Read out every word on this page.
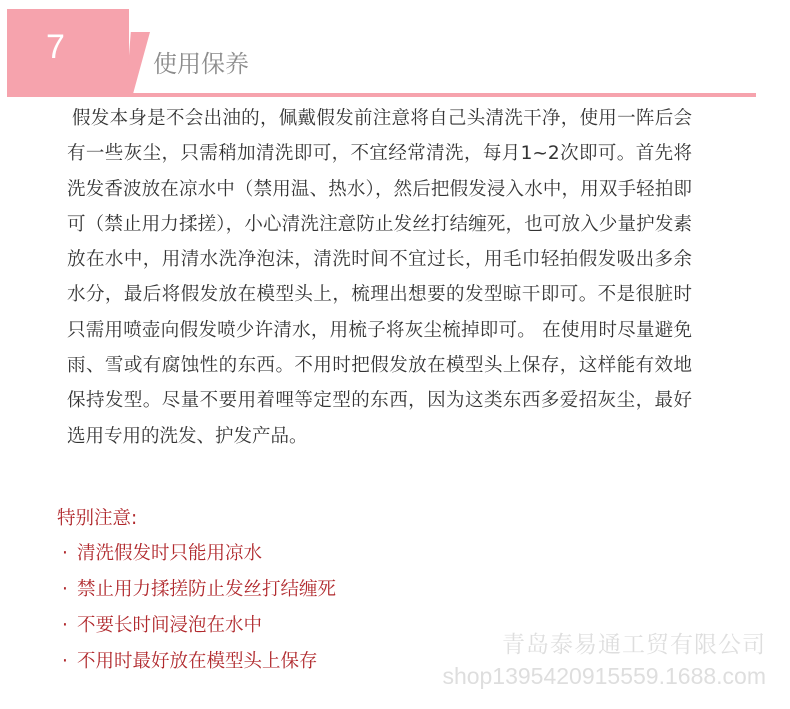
7	使用保养

假发本身是不会出油的，佩戴假发前注意将自己头清洗干净，使用一阵后会有一些灰尘，只需稍加清洗即可，不宜经常清洗，每月1~2次即可。首先将洗发香波放在凉水中（禁用温、热水），然后把假发浸入水中，用双手轻拍即可（禁止用力揉搓），小心清洗注意防止发丝打结缠死，也可放入少量护发素放在水中，用清水洗净泡沫，清洗时间不宜过长，用毛巾轻拍假发吸出多余水分，最后将假发放在模型头上，梳理出想要的发型晾干即可。不是很脏时只需用喷壶向假发喷少许清水，用梳子将灰尘梳掉即可。 在使用时尽量避免雨、雪或有腐蚀性的东西。不用时把假发放在模型头上保存，这样能有效地保持发型。尽量不要用着哩等定型的东西，因为这类东西多爱招灰尘，最好选用专用的洗发、护发产品。

特别注意:

· 清洗假发时只能用凉水
· 禁止用力揉搓防止发丝打结缠死
· 不要长时间浸泡在水中
· 不用时最好放在模型头上保存
青岛泰易通工贸有限公司
shop1395420915559.1688.com
